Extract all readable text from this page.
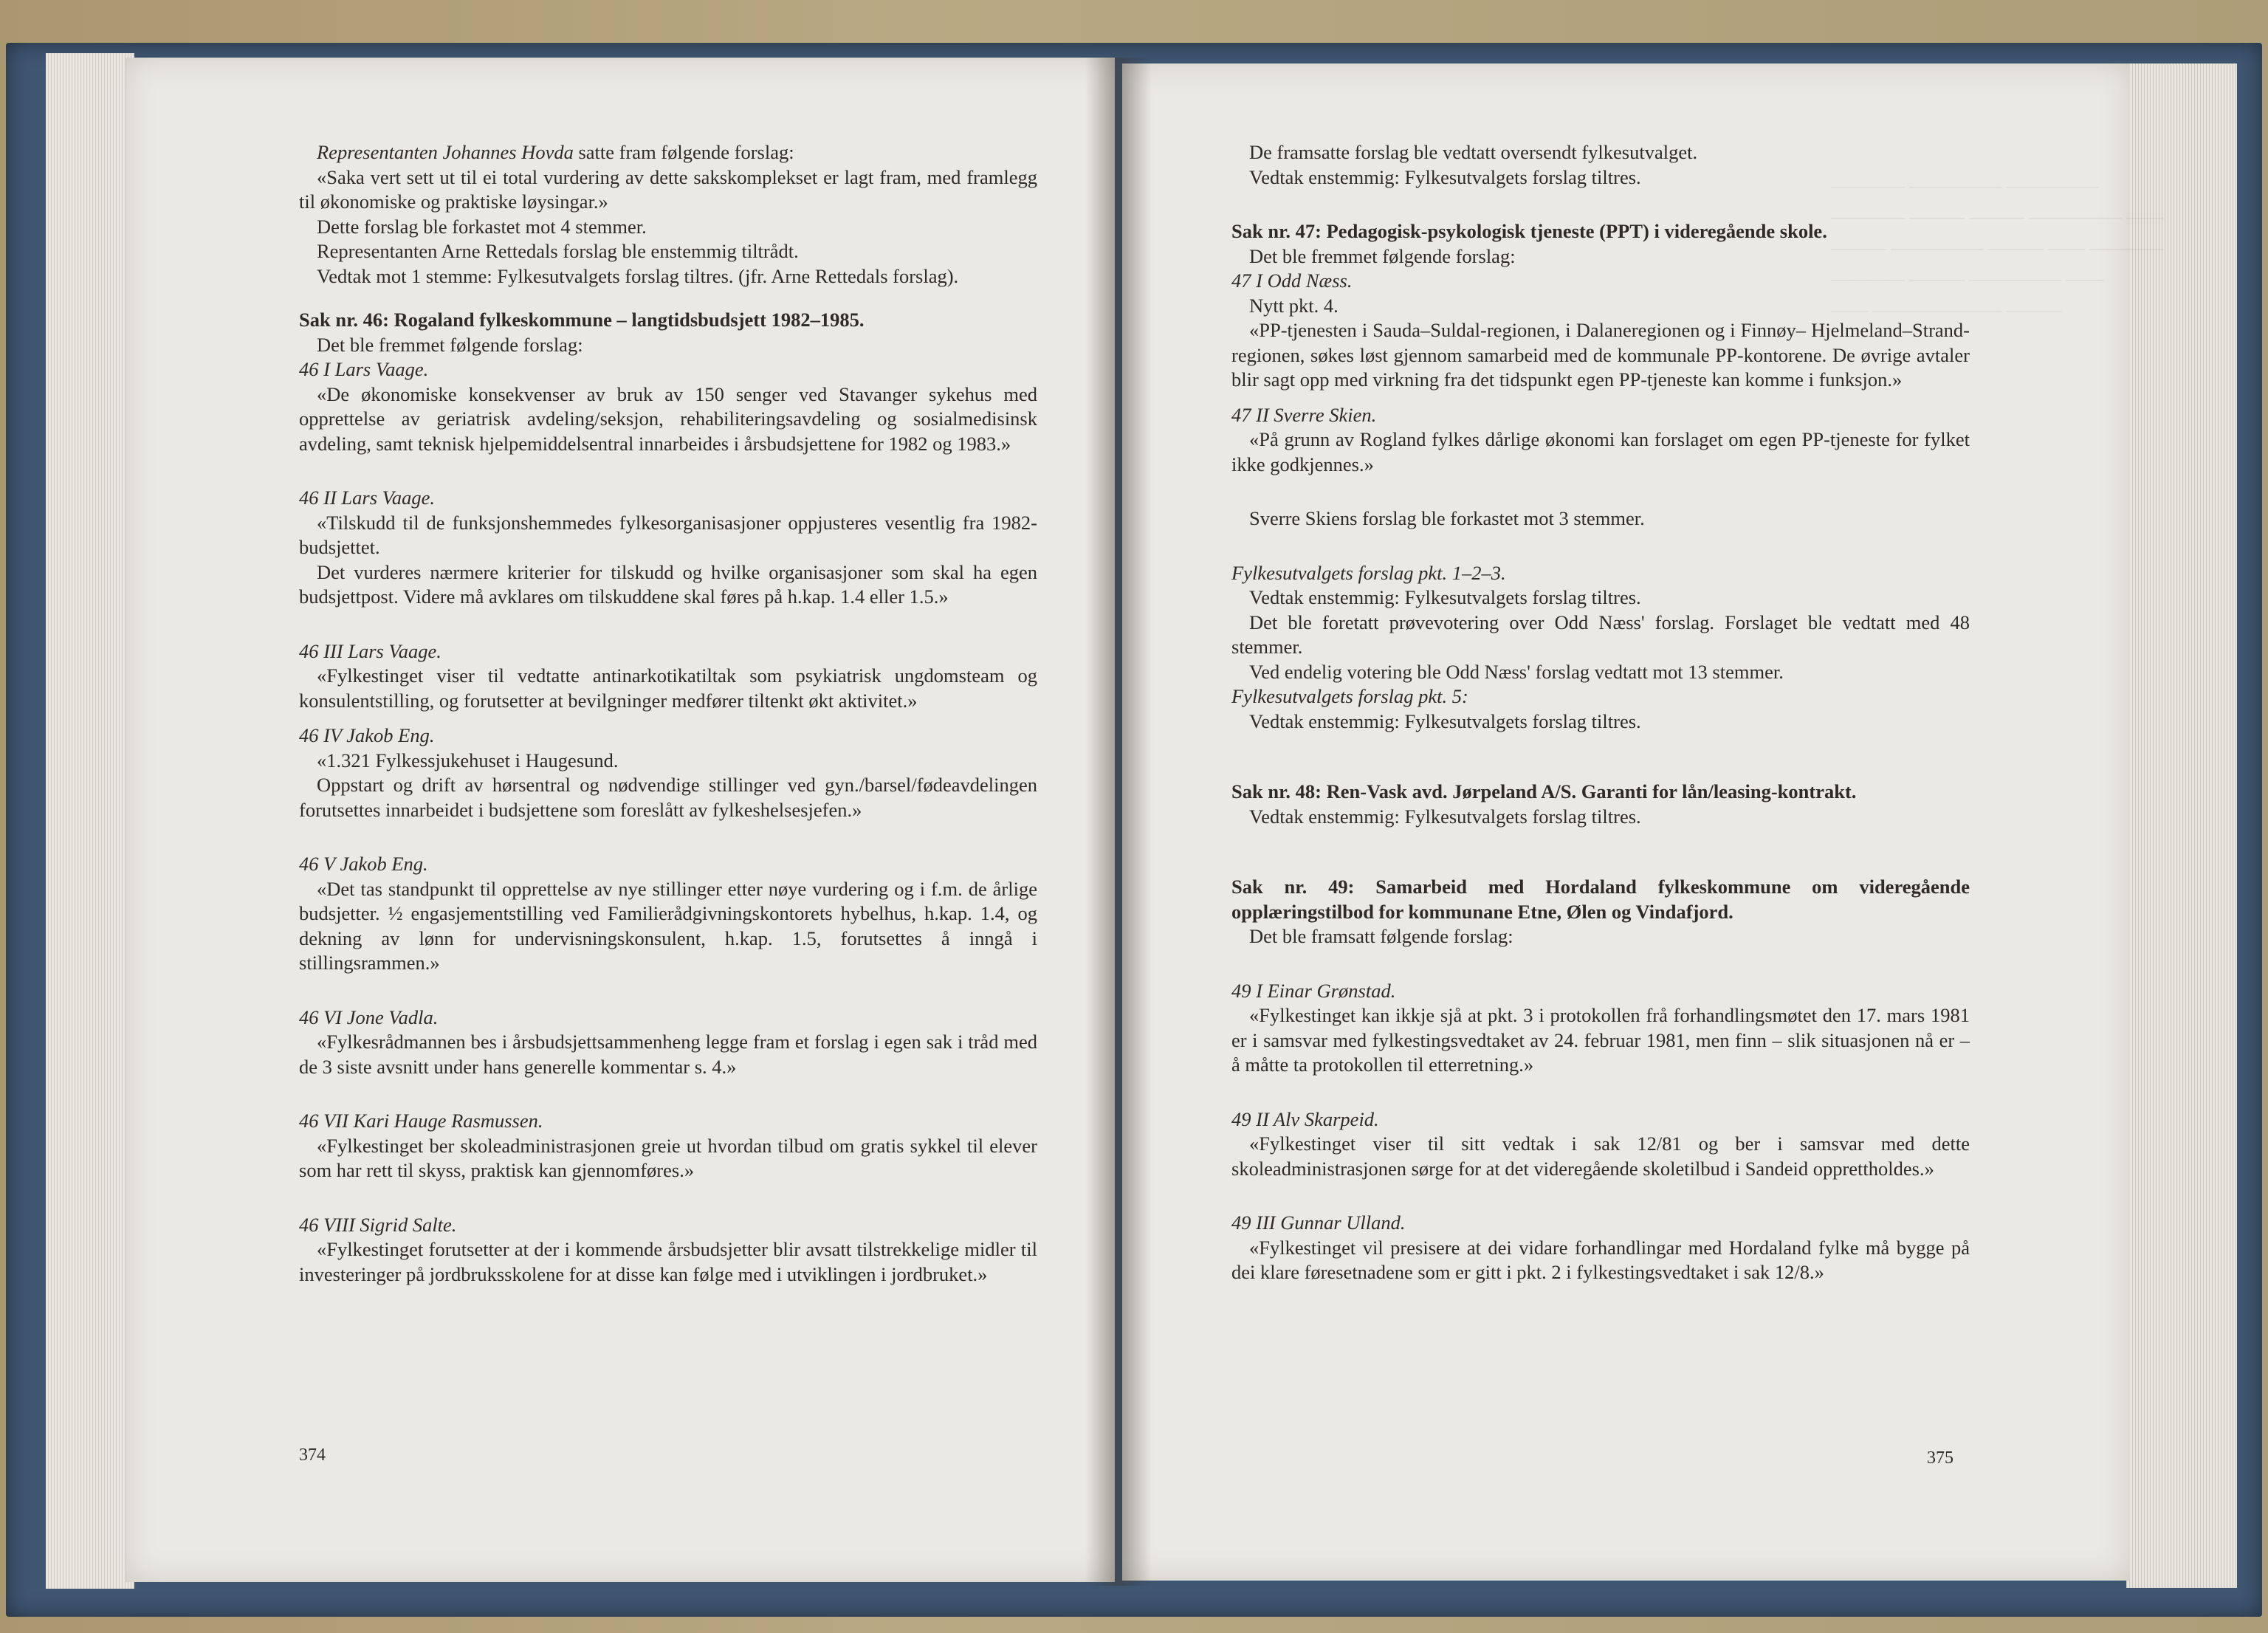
Representanten Johannes Hovda satte fram følgende forslag:

«Saka vert sett ut til ei total vurdering av dette sakskomplekset er lagt fram, med framlegg til økonomiske og praktiske løysingar.»

Dette forslag ble forkastet mot 4 stemmer.

Representanten Arne Rettedals forslag ble enstemmig tiltrådt.

Vedtak mot 1 stemme: Fylkesutvalgets forslag tiltres. (jfr. Arne Rettedals forslag).

Sak nr. 46: Rogaland fylkeskommune – langtidsbudsjett 1982–1985.

Det ble fremmet følgende forslag:

46 I Lars Vaage.

«De økonomiske konsekvenser av bruk av 150 senger ved Stavanger sykehus med opprettelse av geriatrisk avdeling/seksjon, rehabiliteringsavdeling og sosialmedisinsk avdeling, samt teknisk hjelpemiddelsentral innarbeides i årsbudsjettene for 1982 og 1983.»

46 II Lars Vaage.

«Tilskudd til de funksjonshemmedes fylkesorganisasjoner oppjusteres vesentlig fra 1982-budsjettet.

Det vurderes nærmere kriterier for tilskudd og hvilke organisasjoner som skal ha egen budsjettpost. Videre må avklares om tilskuddene skal føres på h.kap. 1.4 eller 1.5.»

46 III Lars Vaage.

«Fylkestinget viser til vedtatte antinarkotikatiltak som psykiatrisk ungdomsteam og konsulentstilling, og forutsetter at bevilgninger medfører tiltenkt økt aktivitet.»

46 IV Jakob Eng.

«1.321 Fylkessjukehuset i Haugesund.

Oppstart og drift av hørsentral og nødvendige stillinger ved gyn./barsel/fødeavdelingen forutsettes innarbeidet i budsjettene som foreslått av fylkeshelsesjefen.»

46 V Jakob Eng.

«Det tas standpunkt til opprettelse av nye stillinger etter nøye vurdering og i f.m. de årlige budsjetter. ½ engasjementstilling ved Familierådgivningskontorets hybelhus, h.kap. 1.4, og dekning av lønn for undervisningskonsulent, h.kap. 1.5, forutsettes å inngå i stillingsrammen.»

46 VI Jone Vadla.

«Fylkesrådmannen bes i årsbudsjettsammenheng legge fram et forslag i egen sak i tråd med de 3 siste avsnitt under hans generelle kommentar s. 4.»

46 VII Kari Hauge Rasmussen.

«Fylkestinget ber skoleadministrasjonen greie ut hvordan tilbud om gratis sykkel til elever som har rett til skyss, praktisk kan gjennomføres.»

46 VIII Sigrid Salte.

«Fylkestinget forutsetter at der i kommende årsbudsjetter blir avsatt tilstrekkelige midler til investeringer på jordbruksskolene for at disse kan følge med i utviklingen i jordbruket.»

374

De framsatte forslag ble vedtatt oversendt fylkesutvalget.

Vedtak enstemmig: Fylkesutvalgets forslag tiltres.

Sak nr. 47: Pedagogisk-psykologisk tjeneste (PPT) i videregående skole.

Det ble fremmet følgende forslag:

47 I Odd Næss.

Nytt pkt. 4.

«PP-tjenesten i Sauda–Suldal-regionen, i Dalaneregionen og i Finnøy– Hjelmeland–Strand-regionen, søkes løst gjennom samarbeid med de kommunale PP-kontorene. De øvrige avtaler blir sagt opp med virkning fra det tidspunkt egen PP-tjeneste kan komme i funksjon.»

47 II Sverre Skien.

«På grunn av Rogland fylkes dårlige økonomi kan forslaget om egen PP-tjeneste for fylket ikke godkjennes.»

Sverre Skiens forslag ble forkastet mot 3 stemmer.

Fylkesutvalgets forslag pkt. 1–2–3.

Vedtak enstemmig: Fylkesutvalgets forslag tiltres.

Det ble foretatt prøvevotering over Odd Næss' forslag. Forslaget ble vedtatt med 48 stemmer.

Ved endelig votering ble Odd Næss' forslag vedtatt mot 13 stemmer.

Fylkesutvalgets forslag pkt. 5:

Vedtak enstemmig: Fylkesutvalgets forslag tiltres.

Sak nr. 48: Ren-Vask avd. Jørpeland A/S. Garanti for lån/leasing-kontrakt.

Vedtak enstemmig: Fylkesutvalgets forslag tiltres.

Sak nr. 49: Samarbeid med Hordaland fylkeskommune om videregående opplæringstilbod for kommunane Etne, Ølen og Vindafjord.

Det ble framsatt følgende forslag:

49 I Einar Grønstad.

«Fylkestinget kan ikkje sjå at pkt. 3 i protokollen frå forhandlingsmøtet den 17. mars 1981 er i samsvar med fylkestingsvedtaket av 24. februar 1981, men finn – slik situasjonen nå er – å måtte ta protokollen til etterretning.»

49 II Alv Skarpeid.

«Fylkestinget viser til sitt vedtak i sak 12/81 og ber i samsvar med dette skoleadministrasjonen sørge for at det videregående skoletilbud i Sandeid opprettholdes.»

49 III Gunnar Ulland.

«Fylkestinget vil presisere at dei vidare forhandlingar med Hordaland fylke må bygge på dei klare føresetnadene som er gitt i pkt. 2 i fylkestingsvedtaket i sak 12/8.»

375
